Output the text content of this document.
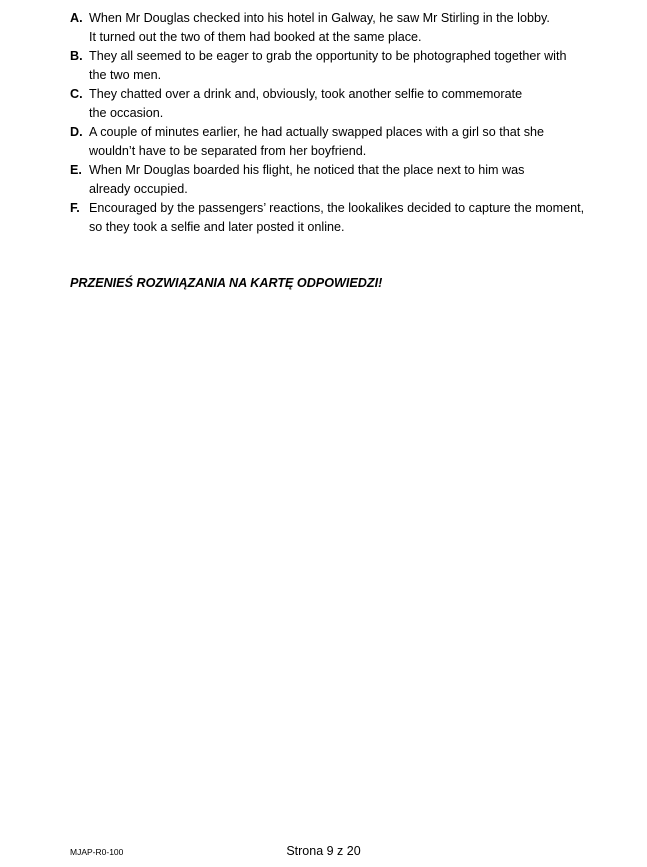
A. When Mr Douglas checked into his hotel in Galway, he saw Mr Stirling in the lobby.
It turned out the two of them had booked at the same place.
B. They all seemed to be eager to grab the opportunity to be photographed together with
the two men.
C. They chatted over a drink and, obviously, took another selfie to commemorate
the occasion.
D. A couple of minutes earlier, he had actually swapped places with a girl so that she
wouldn’t have to be separated from her boyfriend.
E. When Mr Douglas boarded his flight, he noticed that the place next to him was
already occupied.
F. Encouraged by the passengers’ reactions, the lookalikes decided to capture the moment,
so they took a selfie and later posted it online.
PRZENIEŚ ROZWIĄZANIA NA KARTĘ ODPOWIEDZI!
MJAP-R0-100	Strona 9 z 20
